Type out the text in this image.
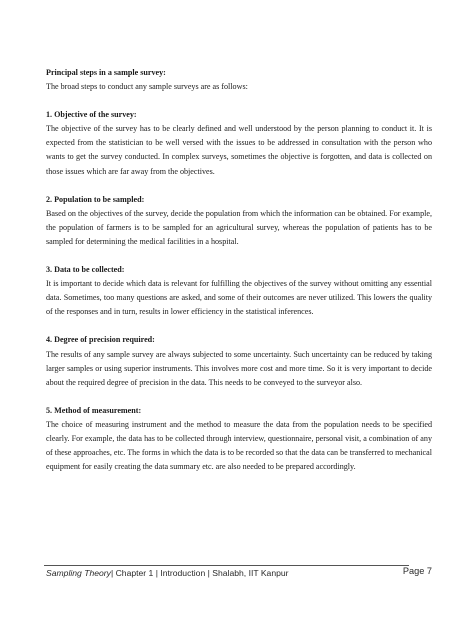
Principal steps in a sample survey:

The broad steps to conduct any sample surveys are as follows:

1. Objective of the survey:

The objective of the survey has to be clearly defined and well understood by the person planning to conduct it. It is expected from the statistician to be well versed with the issues to be addressed in consultation with the person who wants to get the survey conducted. In complex surveys, sometimes the objective is forgotten, and data is collected on those issues which are far away from the objectives.

2. Population to be sampled:

Based on the objectives of the survey, decide the population from which the information can be obtained. For example, the population of farmers is to be sampled for an agricultural survey, whereas the population of patients has to be sampled for determining the medical facilities in a hospital.

3. Data to be collected:

It is important to decide which data is relevant for fulfilling the objectives of the survey without omitting any essential data. Sometimes, too many questions are asked, and some of their outcomes are never utilized. This lowers the quality of the responses and in turn, results in lower efficiency in the statistical inferences.

4. Degree of precision required:

The results of any sample survey are always subjected to some uncertainty. Such uncertainty can be reduced by taking larger samples or using superior instruments. This involves more cost and more time. So it is very important to decide about the required degree of precision in the data. This needs to be conveyed to the surveyor also.

5. Method of measurement:

The choice of measuring instrument and the method to measure the data from the population needs to be specified clearly. For example, the data has to be collected through interview, questionnaire, personal visit, a combination of any of these approaches, etc. The forms in which the data is to be recorded so that the data can be transferred to mechanical equipment for easily creating the data summary etc. are also needed to be prepared accordingly.

Sampling Theory| Chapter 1 | Introduction | Shalabh, IIT Kanpur	Page 7
